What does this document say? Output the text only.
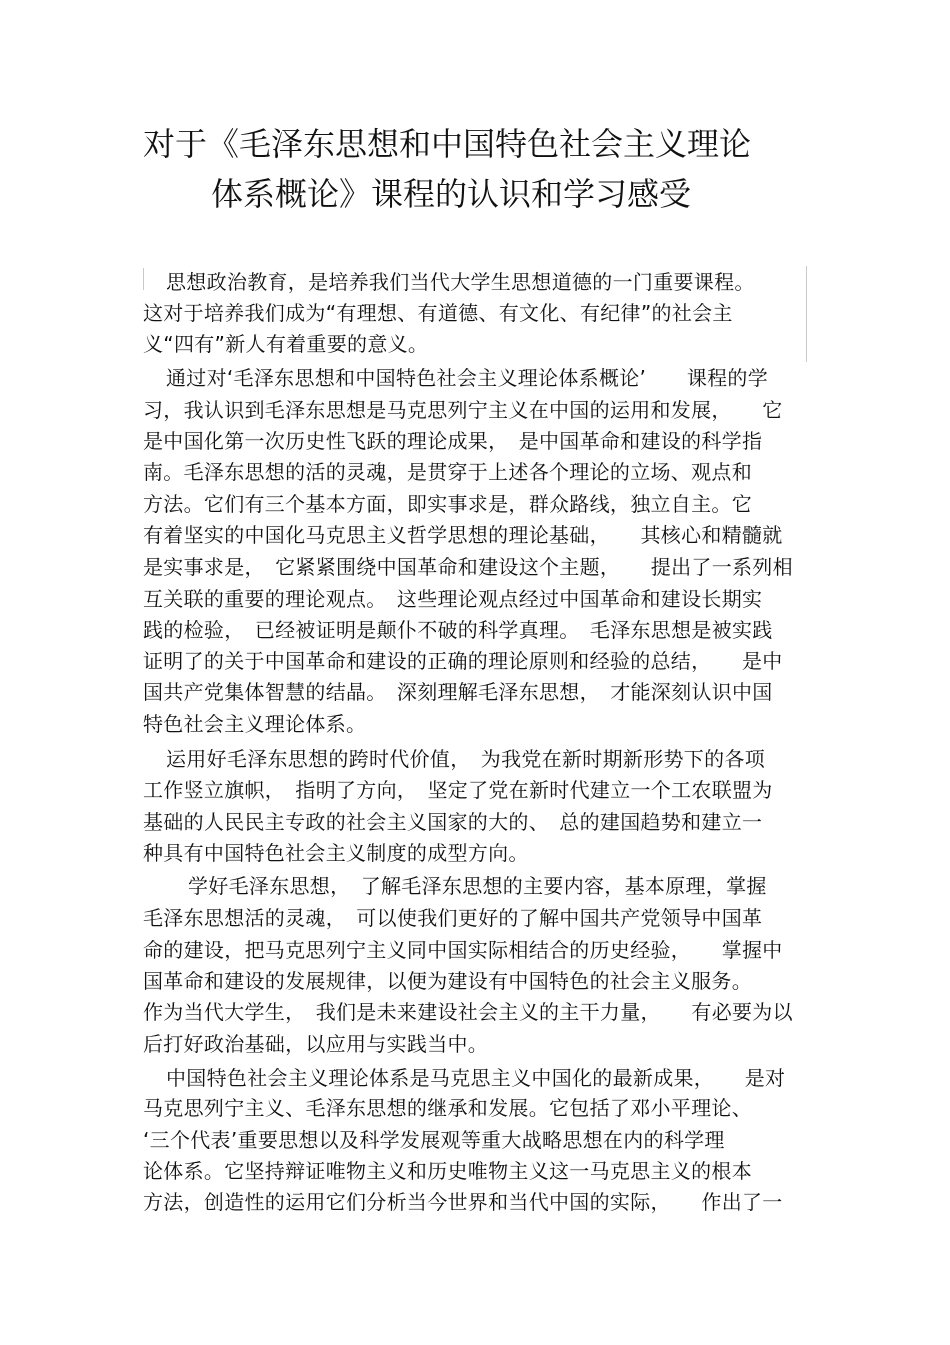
对于《毛泽东思想和中国特色社会主义理论
体系概论》课程的认识和学习感受
思想政治教育，是培养我们当代大学生思想道德的一门重要课程。
这对于培养我们成为“有理想、有道德、有文化、有纪律”的社会主
义“四有”新人有着重要的意义。
通过对‘毛泽东思想和中国特色社会主义理论体系概论’　　课程的学
习，我认识到毛泽东思想是马克思列宁主义在中国的运用和发展，　　它
是中国化第一次历史性飞跃的理论成果，　是中国革命和建设的科学指
南。毛泽东思想的活的灵魂，是贯穿于上述各个理论的立场、观点和
方法。它们有三个基本方面，即实事求是，群众路线，独立自主。它
有着坚实的中国化马克思主义哲学思想的理论基础，　　其核心和精髓就
是实事求是，　它紧紧围绕中国革命和建设这个主题，　　提出了一系列相
互关联的重要的理论观点。　这些理论观点经过中国革命和建设长期实
践的检验，　已经被证明是颠仆不破的科学真理。　毛泽东思想是被实践
证明了的关于中国革命和建设的正确的理论原则和经验的总结，　　是中
国共产党集体智慧的结晶。　深刻理解毛泽东思想，　才能深刻认识中国
特色社会主义理论体系。
运用好毛泽东思想的跨时代价值，　为我党在新时期新形势下的各项
工作竖立旗帜，　指明了方向，　坚定了党在新时代建立一个工农联盟为
基础的人民民主专政的社会主义国家的大的、　总的建国趋势和建立一
种具有中国特色社会主义制度的成型方向。
学好毛泽东思想，　了解毛泽东思想的主要内容，基本原理，掌握
毛泽东思想活的灵魂，　可以使我们更好的了解中国共产党领导中国革
命的建设，把马克思列宁主义同中国实际相结合的历史经验，　　掌握中
国革命和建设的发展规律，以便为建设有中国特色的社会主义服务。
作为当代大学生，　我们是未来建设社会主义的主干力量，　　有必要为以
后打好政治基础，以应用与实践当中。
中国特色社会主义理论体系是马克思主义中国化的最新成果，　　是对
马克思列宁主义、毛泽东思想的继承和发展。它包括了邓小平理论、
‘三个代表’重要思想以及科学发展观等重大战略思想在内的科学理
论体系。它坚持辩证唯物主义和历史唯物主义这一马克思主义的根本
方法，创造性的运用它们分析当今世界和当代中国的实际，　　作出了一
